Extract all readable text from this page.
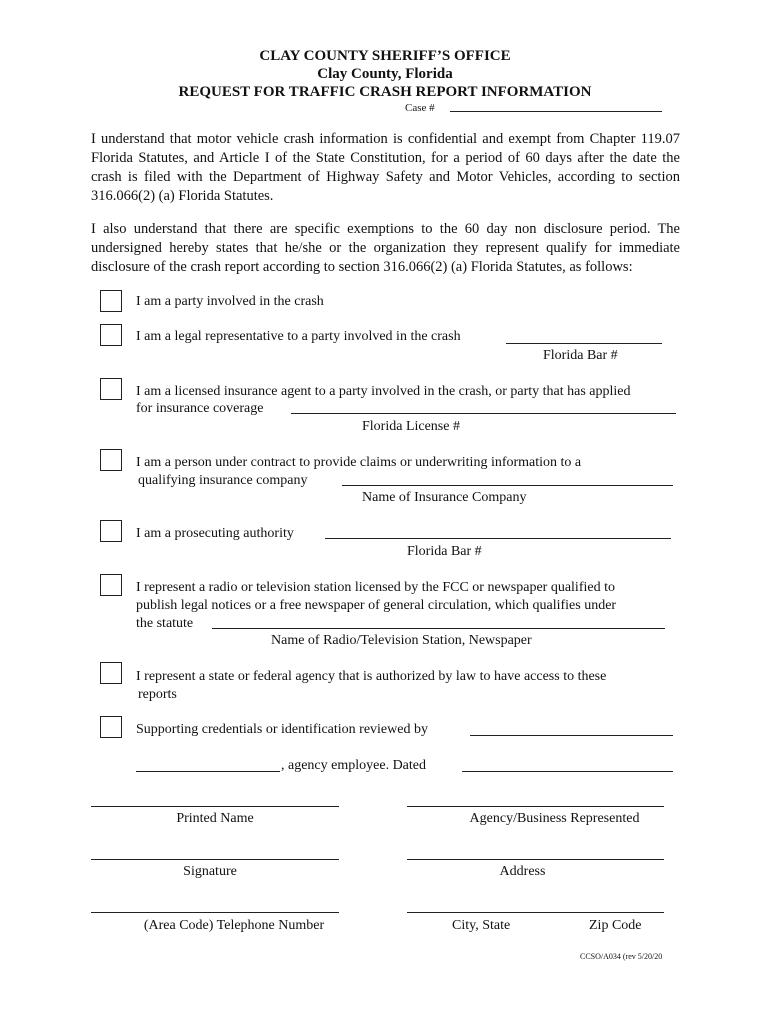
CLAY COUNTY SHERIFF’S OFFICE
Clay County, Florida
REQUEST FOR TRAFFIC CRASH REPORT INFORMATION
Case #
I understand that motor vehicle crash information is confidential and exempt from Chapter 119.07 Florida Statutes, and Article I of the State Constitution, for a period of 60 days after the date the crash is filed with the Department of Highway Safety and Motor Vehicles, according to section 316.066(2) (a) Florida Statutes.
I also understand that there are specific exemptions to the 60 day non disclosure period. The undersigned hereby states that he/she or the organization they represent qualify for immediate disclosure of the crash report according to section 316.066(2) (a) Florida Statutes, as follows:
I am a party involved in the crash
I am a legal representative to a party involved in the crash
Florida Bar #
I am a licensed insurance agent to a party involved in the crash, or party that has applied
for insurance coverage
Florida License #
I am a person under contract to provide claims or underwriting information to a
qualifying insurance company
Name of Insurance Company
I am a prosecuting authority
Florida Bar #
I represent a radio or television station licensed by the FCC or newspaper qualified to
publish legal notices or a free newspaper of general circulation, which qualifies under
the statute
Name of Radio/Television Station, Newspaper
I represent a state or federal agency that is authorized by law to have access to these
reports
Supporting credentials or identification reviewed by
, agency employee. Dated
Printed Name	Agency/Business Represented
Signature	Address
(Area Code) Telephone Number	City, State	Zip Code
CCSO/A034 (rev 5/20/20
